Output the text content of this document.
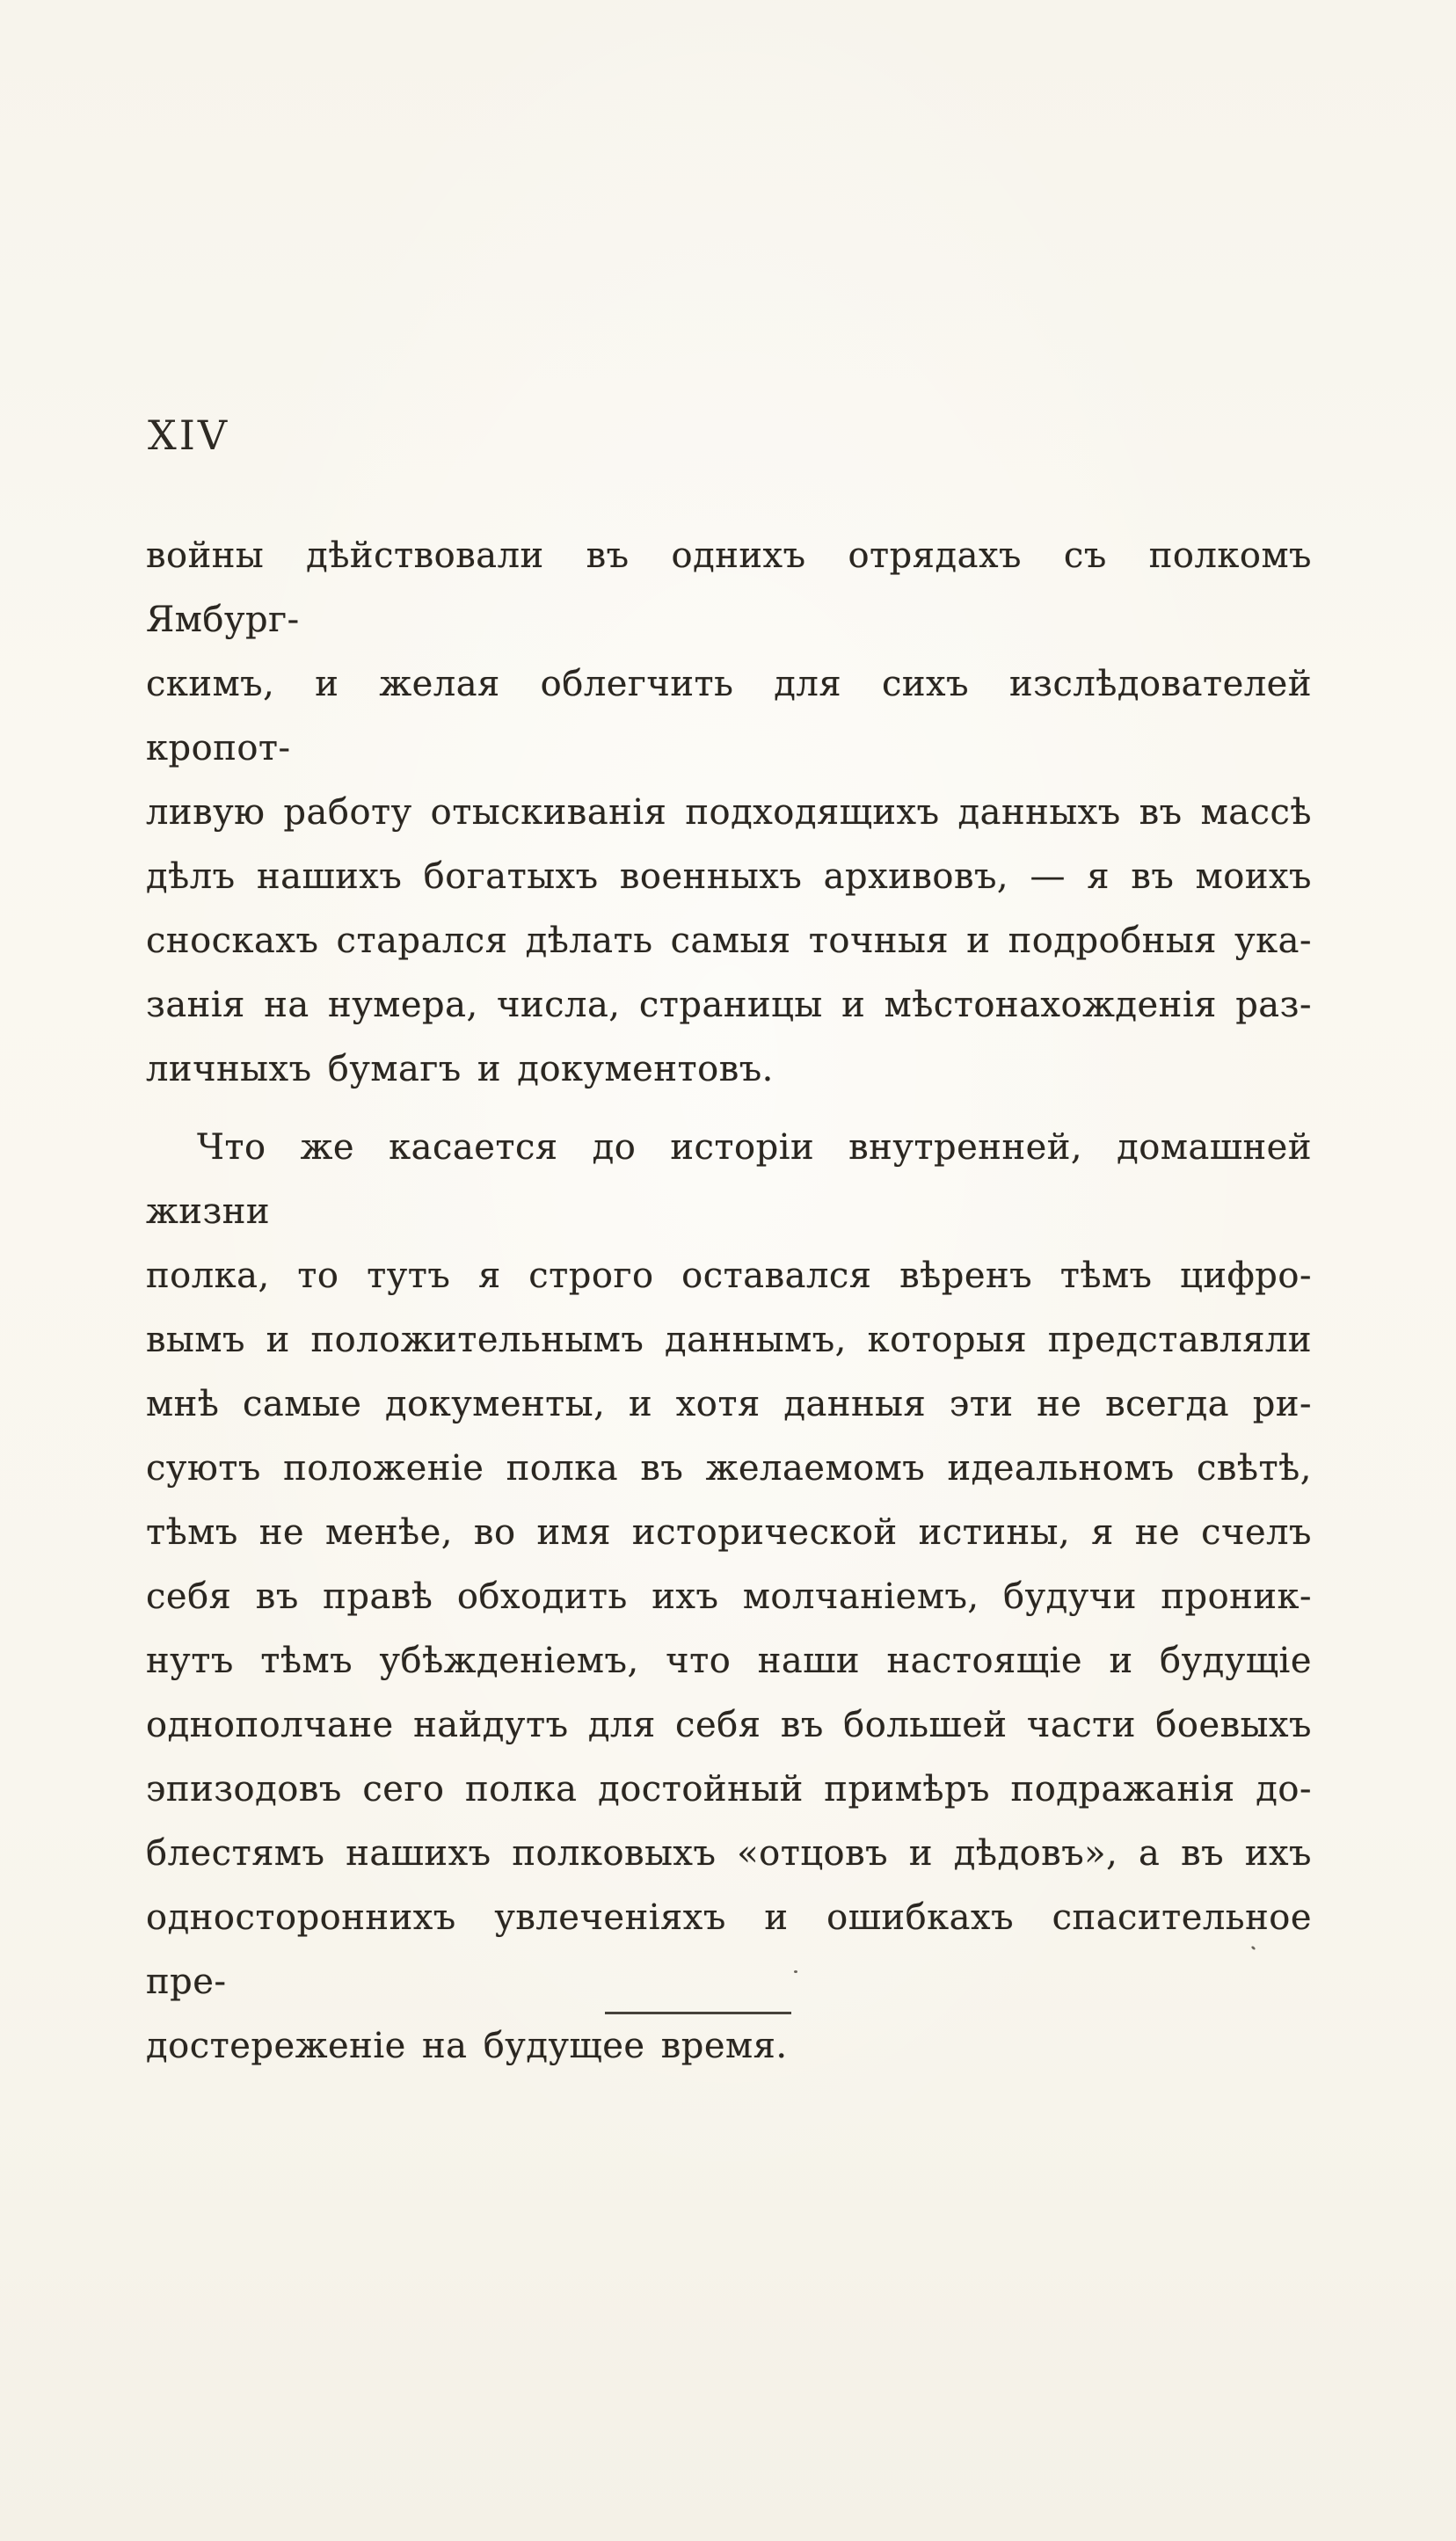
XIV

войны дѣйствовали въ однихъ отрядахъ съ полкомъ Ямбург-
скимъ, и желая облегчить для сихъ изслѣдователей кропот-
ливую работу отыскиванія подходящихъ данныхъ въ массѣ
дѣлъ нашихъ богатыхъ военныхъ архивовъ, — я въ моихъ
сноскахъ старался дѣлать самыя точныя и подробныя ука-
занія на нумера, числа, страницы и мѣстонахожденія раз-
личныхъ бумагъ и документовъ.

Что же касается до исторіи внутренней, домашней жизни
полка, то тутъ я строго оставался вѣренъ тѣмъ цифро-
вымъ и положительнымъ даннымъ, которыя представляли
мнѣ самые документы, и хотя данныя эти не всегда ри-
суютъ положеніе полка въ желаемомъ идеальномъ свѣтѣ,
тѣмъ не менѣе, во имя исторической истины, я не счелъ
себя въ правѣ обходить ихъ молчаніемъ, будучи проник-
нутъ тѣмъ убѣжденіемъ, что наши настоящіе и будущіе
однополчане найдутъ для себя въ большей части боевыхъ
эпизодовъ сего полка достойный примѣръ подражанія до-
блестямъ нашихъ полковыхъ «отцовъ и дѣдовъ», а въ ихъ
одностороннихъ увлеченіяхъ и ошибкахъ спасительное пре-
достереженіе на будущее время.
